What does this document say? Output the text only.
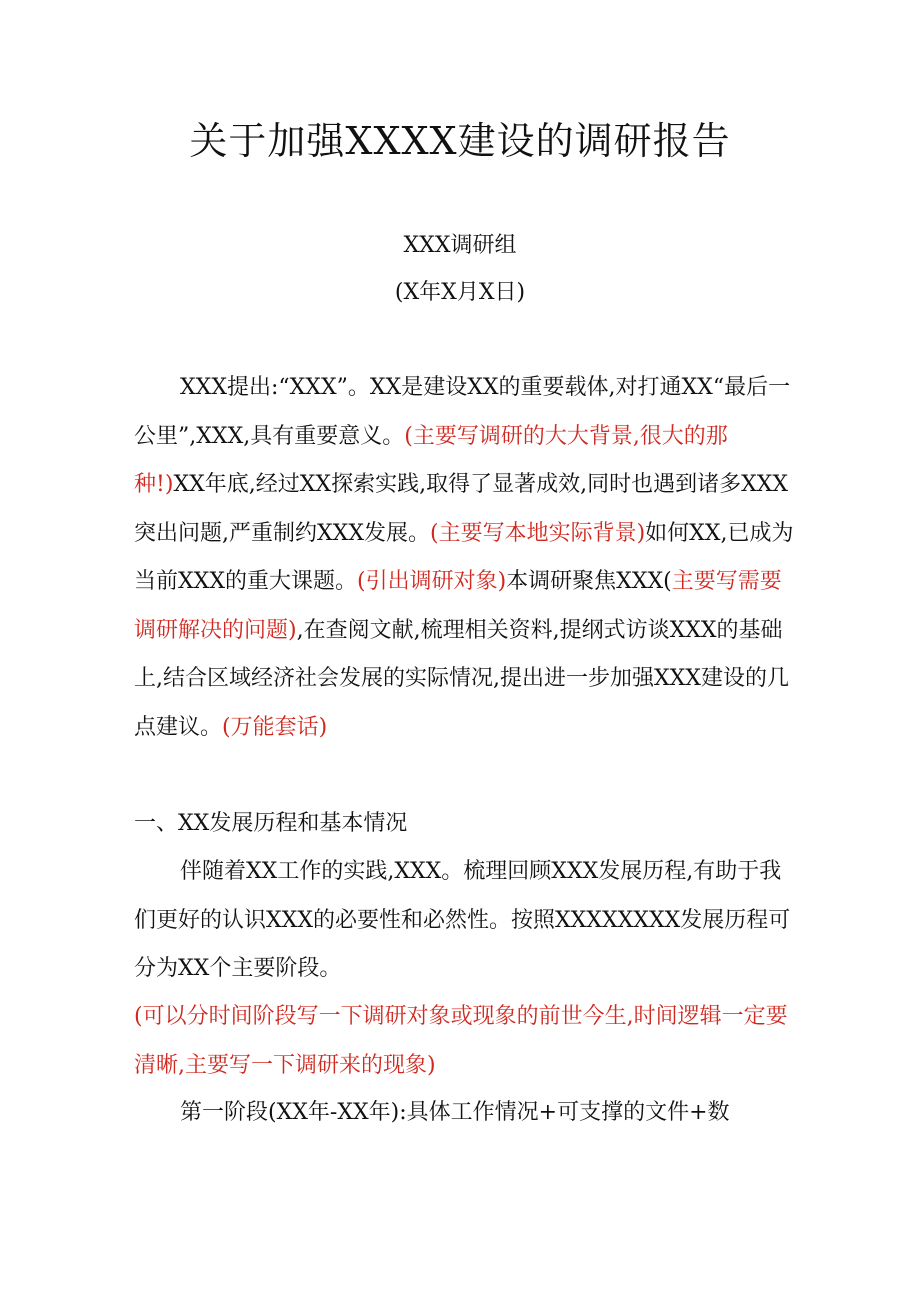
关于加强XXXX建设的调研报告
XXX调研组
(X年X月X日)
XXX提出:“XXX”。XX是建设XX的重要载体,对打通XX“最后一公里”,XXX,具有重要意义。(主要写调研的大大背景,很大的那种!)XX年底,经过XX探索实践,取得了显著成效,同时也遇到诸多XXX突出问题,严重制约XXX发展。(主要写本地实际背景)如何XX,已成为当前XXX的重大课题。(引出调研对象)本调研聚焦XXX(主要写需要调研解决的问题),在查阅文献,梳理相关资料,提纲式访谈XXX的基础上,结合区域经济社会发展的实际情况,提出进一步加强XXX建设的几点建议。(万能套话)
一、XX发展历程和基本情况
伴随着XX工作的实践,XXX。梳理回顾XXX发展历程,有助于我们更好的认识XXX的必要性和必然性。按照XXXXXXXX发展历程可分为XX个主要阶段。
(可以分时间阶段写一下调研对象或现象的前世今生,时间逻辑一定要清晰,主要写一下调研来的现象)
第一阶段(XX年-XX年):具体工作情况+可支撑的文件+数
